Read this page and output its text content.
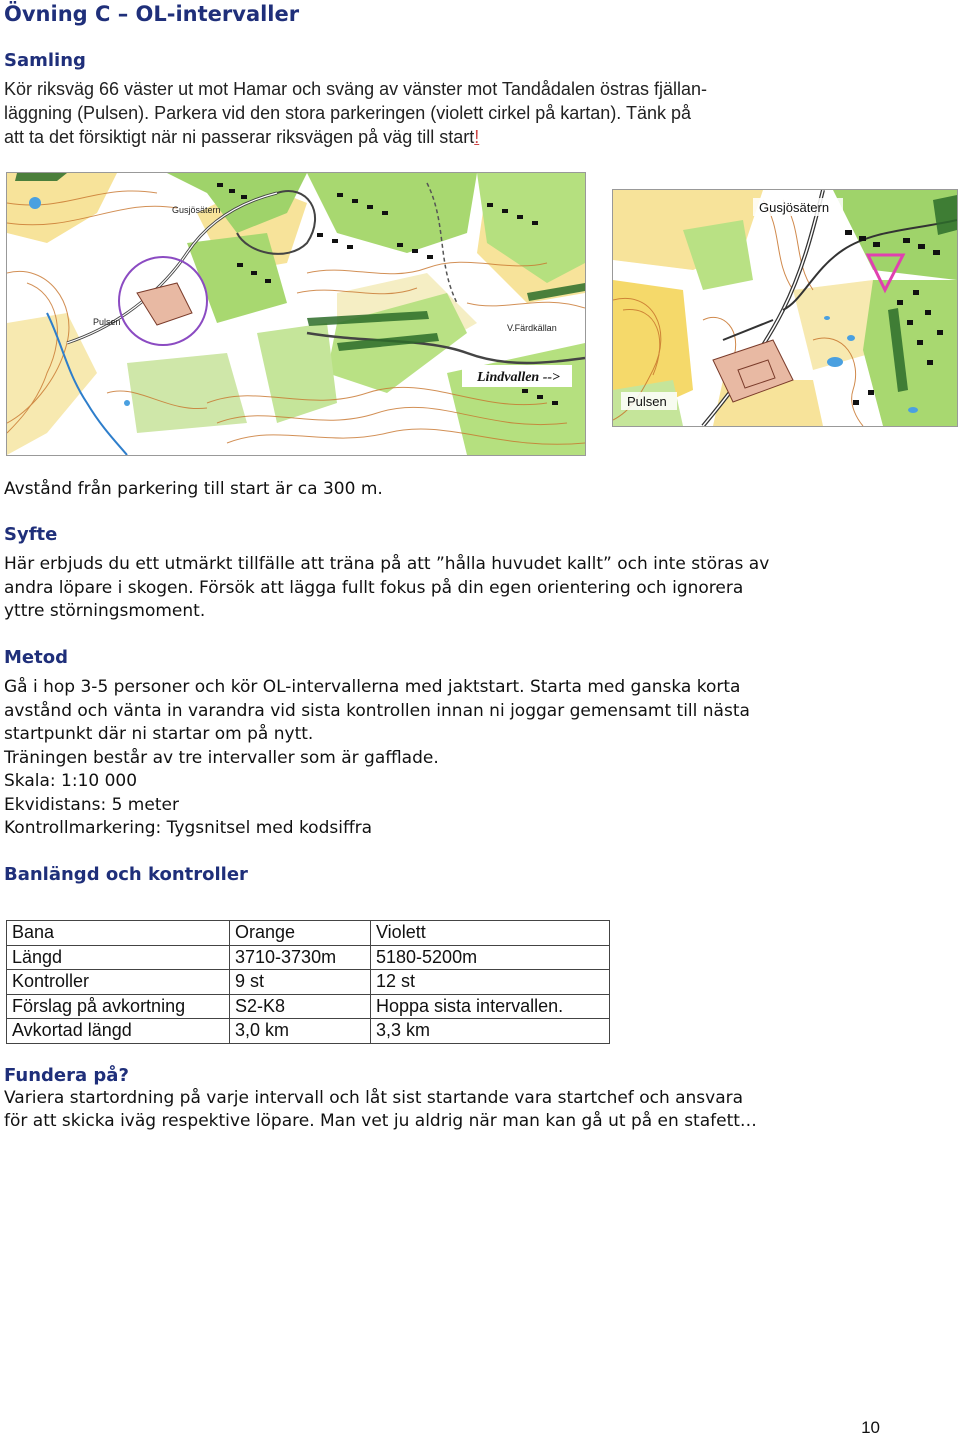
Övning C – OL-intervaller
Samling

Kör riksväg 66 väster ut mot Hamar och sväng av vänster mot Tandådalen östras fjällan-

läggning (Pulsen). Parkera vid den stora parkeringen (violett cirkel på kartan). Tänk på

att ta det försiktigt när ni passerar riksvägen på väg till start!

Lindvallen -->
Gusjösätern
Pulsen
V.Färdkällan
Gusjösätern
Pulsen

Avstånd från parkering till start är ca 300 m.

Syfte

Här erbjuds du ett utmärkt tillfälle att träna på att ”hålla huvudet kallt” och inte störas av

andra löpare i skogen. Försök att lägga fullt fokus på din egen orientering och ignorera

yttre störningsmoment.

Metod

Gå i hop 3-5 personer och kör OL-intervallerna med jaktstart. Starta med ganska korta

avstånd och vänta in varandra vid sista kontrollen innan ni joggar gemensamt till nästa

startpunkt där ni startar om på nytt.

Träningen består av tre intervaller som är gafflade.

Skala: 1:10 000

Ekvidistans: 5 meter

Kontrollmarkering: Tygsnitsel med kodsiffra

Banlängd och kontroller
Bana	Orange	Violett
Längd	3710-3730m	5180-5200m
Kontroller	9 st	12 st
Förslag på avkortning	S2-K8	Hoppa sista intervallen.
Avkortad längd	3,0 km	3,3 km
Fundera på?

Variera startordning på varje intervall och låt sist startande vara startchef och ansvara

för att skicka iväg respektive löpare. Man vet ju aldrig när man kan gå ut på en stafett…

10
